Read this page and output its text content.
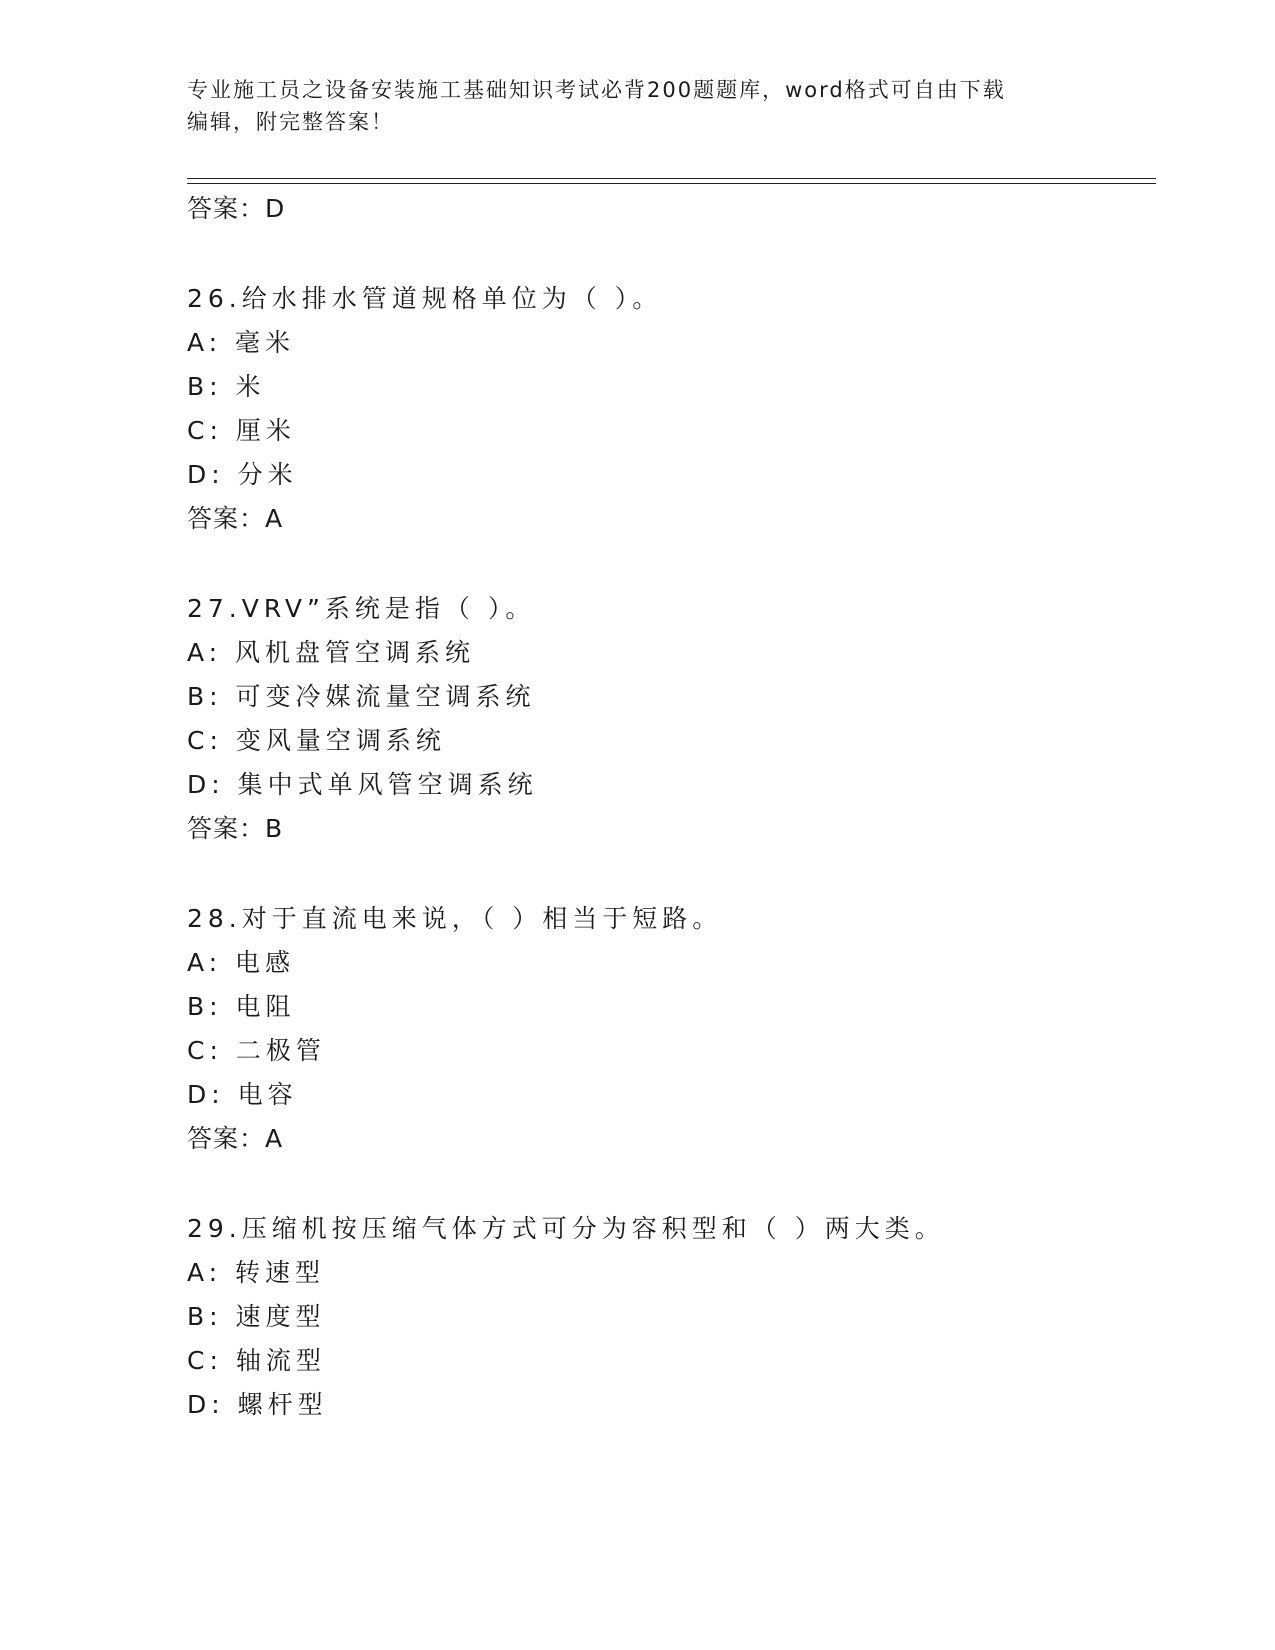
专业施工员之设备安装施工基础知识考试必背200题题库，word格式可自由下载
编辑，附完整答案！
答案：D
26.给水排水管道规格单位为（ ）。
A: 毫米
B: 米
C: 厘米
D: 分米
答案：A
27.VRV”系统是指（ ）。
A: 风机盘管空调系统
B: 可变冷媒流量空调系统
C: 变风量空调系统
D: 集中式单风管空调系统
答案：B
28.对于直流电来说，（ ）相当于短路。
A: 电感
B: 电阻
C: 二极管
D: 电容
答案：A
29.压缩机按压缩气体方式可分为容积型和（ ）两大类。
A: 转速型
B: 速度型
C: 轴流型
D: 螺杆型
